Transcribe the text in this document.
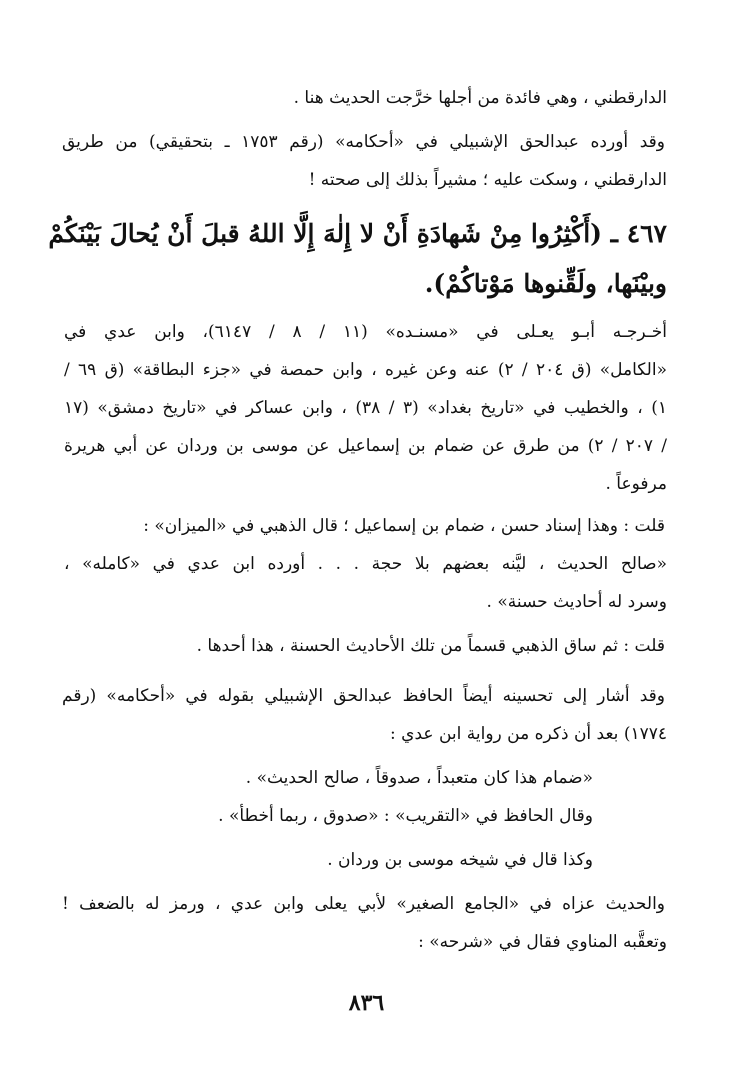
الدارقطني ، وهي فائدة من أجلها خرَّجت الحديث هنا .
وقد أورده عبدالحق الإشبيلي في «أحكامه» (رقم ١٧٥٣ ـ بتحقيقي) من طريق
الدارقطني ، وسكت عليه ؛ مشيراً بذلك إلى صحته !
٤٦٧ ـ (أَكْثِرُوا مِنْ شَهادَةِ أَنْ لا إِلٰهَ إِلَّا اللهُ قبلَ أَنْ يُحالَ بَيْنَكُمْ
وبيْنَها، ولَقِّنوها مَوْتاكُمْ).
أخـرجـه أبـو يعـلى في «مسنـده» (١١ / ٨ / ٦١٤٧)، وابن عدي في
«الكامل» (ق ٢٠٤ / ٢) عنه وعن غيره ، وابن حمصة في «جزء البطاقة» (ق ٦٩ /
١) ، والخطيب في «تاريخ بغداد» (٣ / ٣٨) ، وابن عساكر في «تاريخ دمشق» (١٧
/ ٢٠٧ / ٢) من طرق عن ضمام بن إسماعيل عن موسى بن وردان عن أبي هريرة
مرفوعاً .
قلت : وهذا إسناد حسن ، ضمام بن إسماعيل ؛ قال الذهبي في «الميزان» :
«صالح الحديث ، ليَّنه بعضهم بلا حجة . . . أورده ابن عدي في «كامله» ،
وسرد له أحاديث حسنة» .
قلت : ثم ساق الذهبي قسماً من تلك الأحاديث الحسنة ، هذا أحدها .
وقد أشار إلى تحسينه أيضاً الحافظ عبدالحق الإشبيلي بقوله في «أحكامه» (رقم
١٧٧٤) بعد أن ذكره من رواية ابن عدي :
«ضمام هذا كان متعبداً ، صدوقاً ، صالح الحديث» .
وقال الحافظ في «التقريب» : «صدوق ، ربما أخطأ» .
وكذا قال في شيخه موسى بن وردان .
والحديث عزاه في «الجامع الصغير» لأبي يعلى وابن عدي ، ورمز له بالضعف !
وتعقَّبه المناوي فقال في «شرحه» :
٨٣٦
